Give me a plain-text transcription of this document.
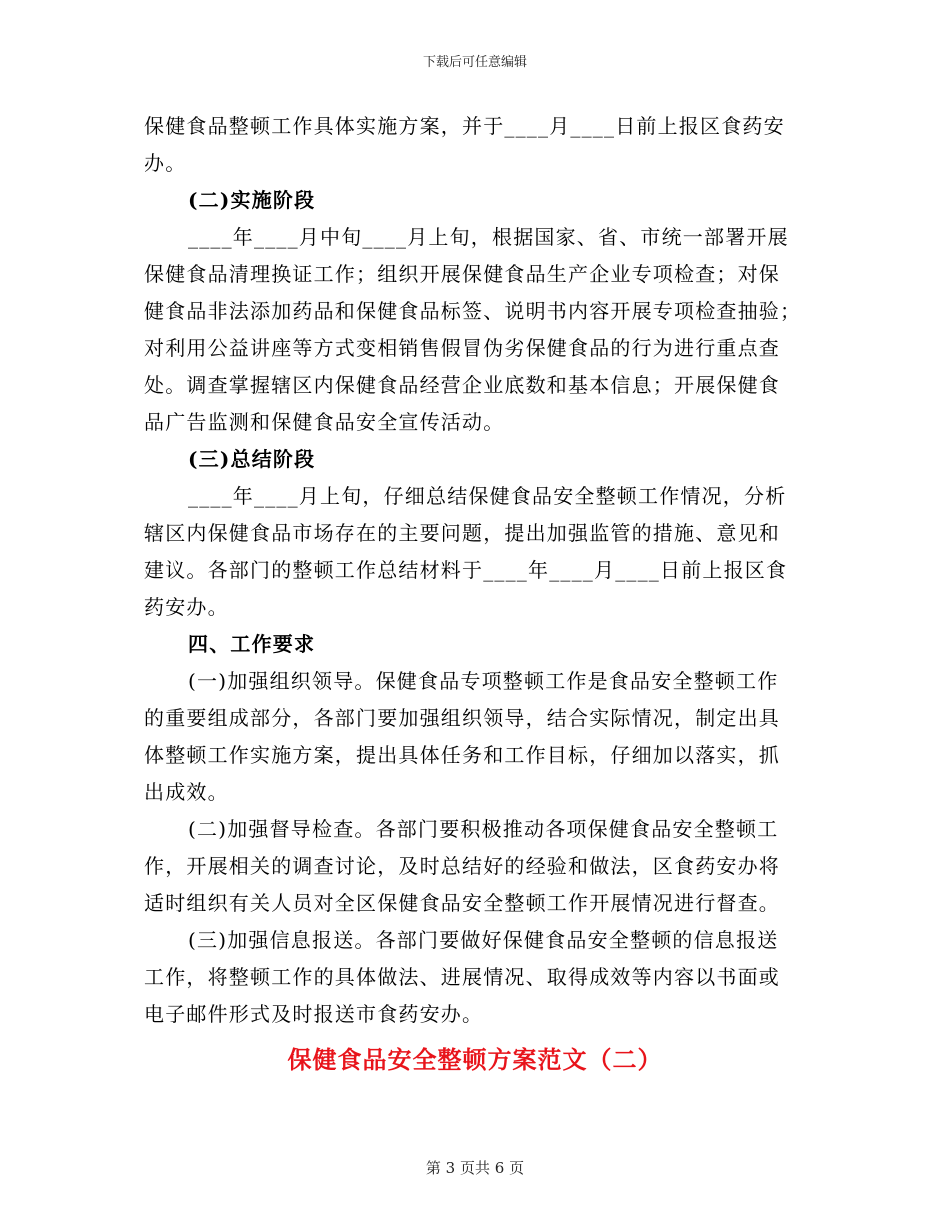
下载后可任意编辑
保健食品整顿工作具体实施方案，并于____月____日前上报区食药安
办。
(二)实施阶段
____年____月中旬____月上旬，根据国家、省、市统一部署开展
保健食品清理换证工作；组织开展保健食品生产企业专项检查；对保
健食品非法添加药品和保健食品标签、说明书内容开展专项检查抽验；
对利用公益讲座等方式变相销售假冒伪劣保健食品的行为进行重点查
处。调查掌握辖区内保健食品经营企业底数和基本信息；开展保健食
品广告监测和保健食品安全宣传活动。
(三)总结阶段
____年____月上旬，仔细总结保健食品安全整顿工作情况，分析
辖区内保健食品市场存在的主要问题，提出加强监管的措施、意见和
建议。各部门的整顿工作总结材料于____年____月____日前上报区食
药安办。
四、工作要求
(一)加强组织领导。保健食品专项整顿工作是食品安全整顿工作
的重要组成部分，各部门要加强组织领导，结合实际情况，制定出具
体整顿工作实施方案，提出具体任务和工作目标，仔细加以落实，抓
出成效。
(二)加强督导检查。各部门要积极推动各项保健食品安全整顿工
作，开展相关的调查讨论，及时总结好的经验和做法，区食药安办将
适时组织有关人员对全区保健食品安全整顿工作开展情况进行督查。
(三)加强信息报送。各部门要做好保健食品安全整顿的信息报送
工作，将整顿工作的具体做法、进展情况、取得成效等内容以书面或
电子邮件形式及时报送市食药安办。
保健食品安全整顿方案范文（二）
第 3 页共 6 页
